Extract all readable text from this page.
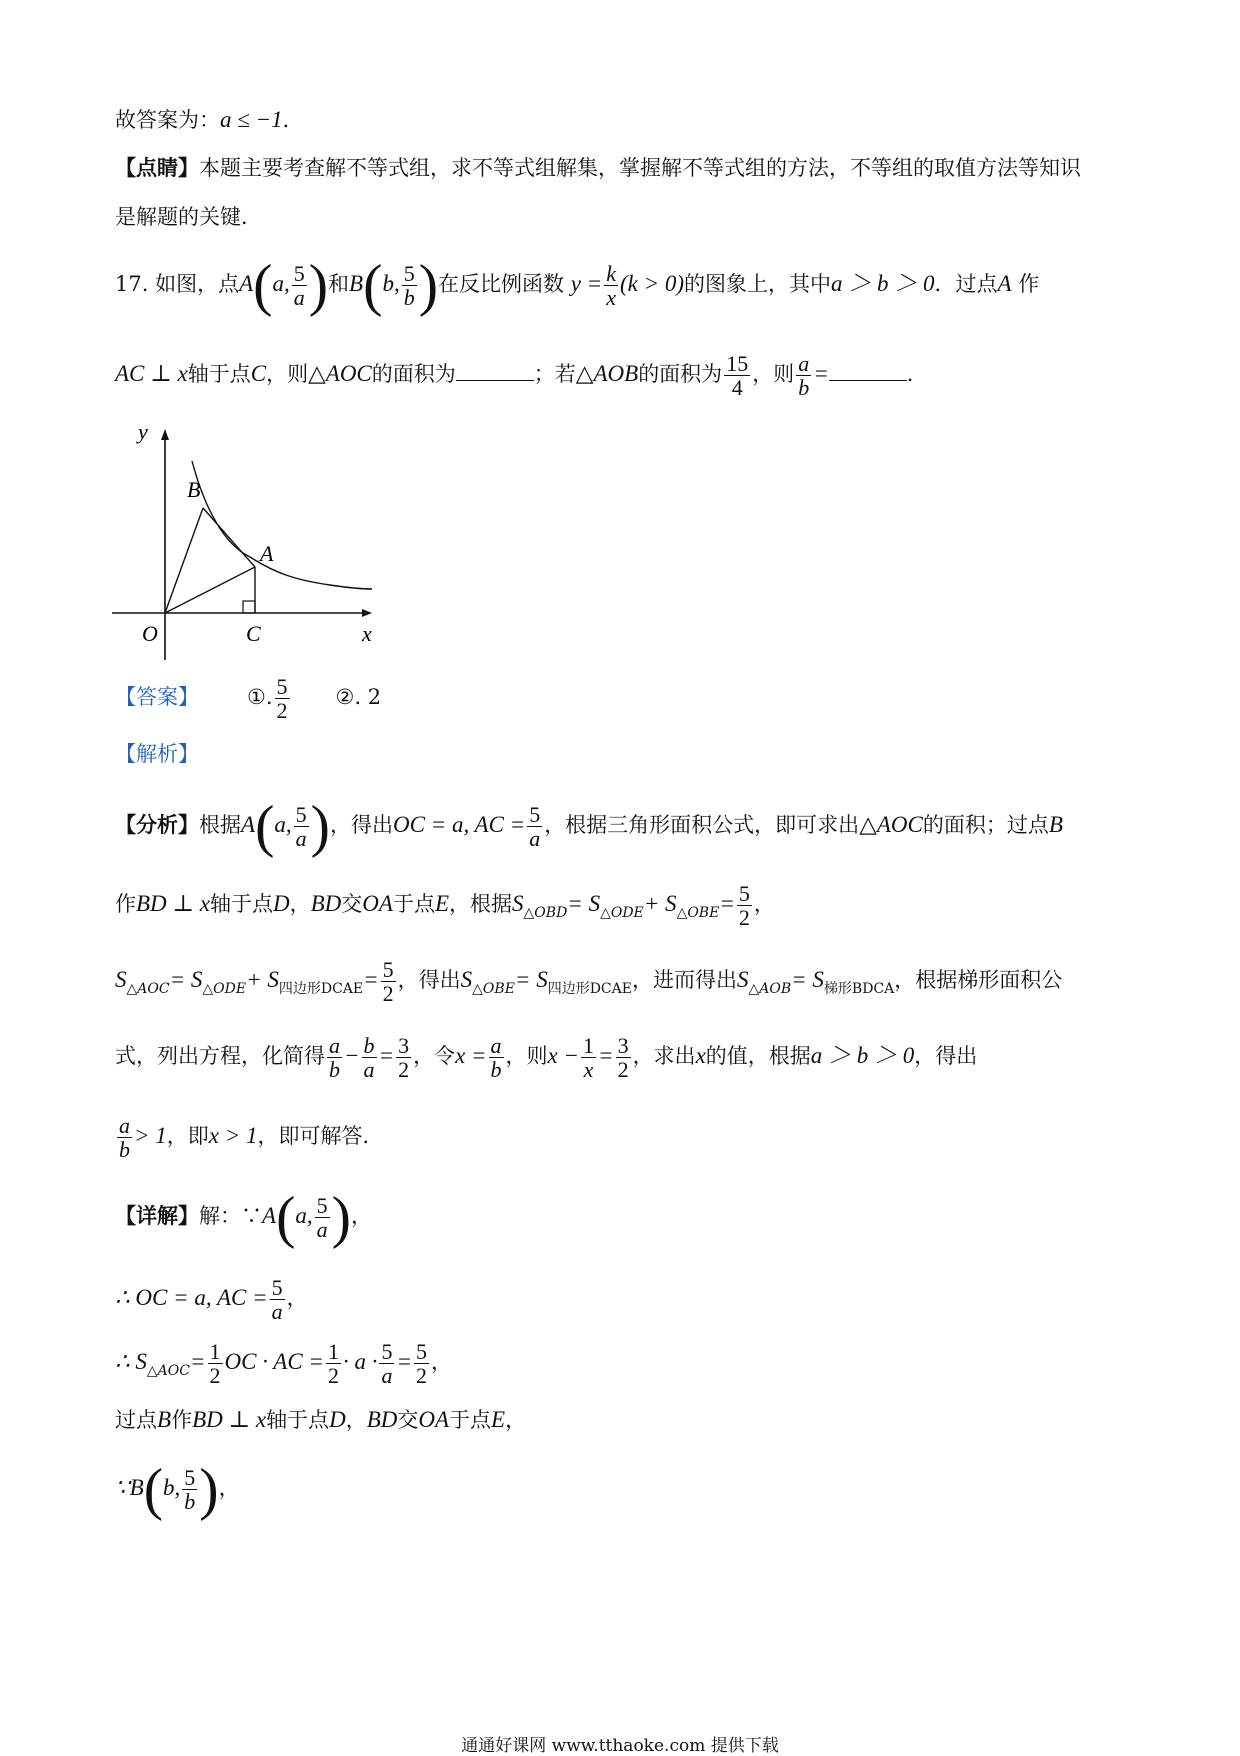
故答案为：a ≤ −1．
【点睛】本题主要考查解不等式组，求不等式组解集，掌握解不等式组的方法，不等组的取值方法等知识
是解题的关键．
17. 如图，点A(a, $\frac{5}{a}$ )和B(b, $\frac{5}{b}$ )在反比例函数 $y = \frac{k}{x} (k > 0)$的图象上，其中a ＞ b ＞ 0．过点A 作
AC ⊥ x轴于点C，则△AOC的面积为	；若△AOB的面积为 $\frac{15}{4}$ ，则 $\frac{a}{b}$ =	．
y
B
A
O	C	x
【答案】 ①. $\frac{5}{2}$ ②. 2
【解析】
【分析】根据A(a, $\frac{5}{a}$ )，得出OC = a, AC = $\frac{5}{a}$ ，根据三角形面积公式，即可求出△AOC的面积；过点B
作BD ⊥ x轴于点D，BD交OA于点E，根据$S_{\triangle OBD}= S_{\triangle ODE}+ S_{\triangle OBE}= \frac{5}{2}$ ，
$S_{\triangle AOC}= S_{\triangle ODE}+ S_{四边形DCAE}= \frac{5}{2}$ ，得出$S_{\triangle OBE}= S_{四边形DCAE}$，进而得出$S_{\triangle AOB}= S_{梯形BDCA}$，根据梯形面积公
式，列出方程，化简得 $\frac{a}{b} - \frac{b}{a} = \frac{3}{2}$ ，令$x = \frac{a}{b}$ ，则$x - \frac{1}{x} = \frac{3}{2}$ ，求出x的值，根据a ＞ b ＞ 0，得出
$\frac{a}{b} > 1$，即x > 1，即可解答．
【详解】解：∵A(a, $\frac{5}{a}$ )，
∴ OC = a, AC = $\frac{5}{a}$ ，
∴ $S_{\triangle AOC}= \frac{1}{2}$ OC · AC = $\frac{1}{2} \cdot a \cdot \frac{5}{a} = \frac{5}{2}$ ，
过点B作BD ⊥ x轴于点D，BD交OA于点E，
∵B(b, $\frac{5}{b}$ )，
通通好课网 www.tthaoke.com 提供下载
